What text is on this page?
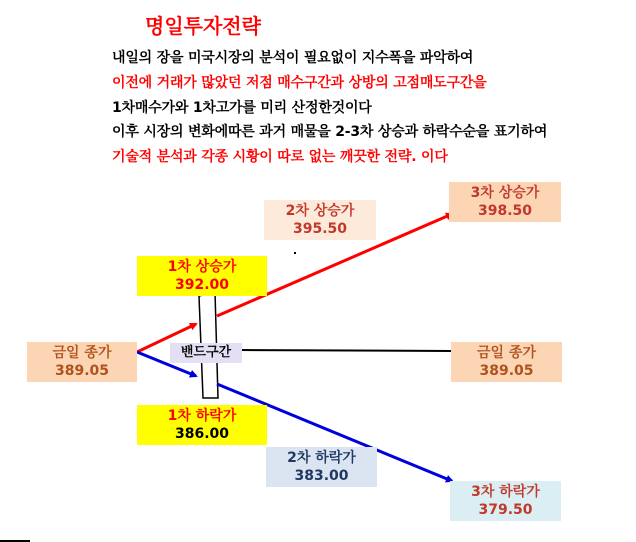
명일투자전략
내일의 장을 미국시장의 분석이 필요없이 지수폭을 파악하여
이전에 거래가 많았던 저점 매수구간과 상방의 고점매도구간을
1차매수가와 1차고가를 미리 산정한것이다
이후 시장의 변화에따른 과거 매물을 2-3차 상승과 하락수순을 표기하여
기술적 분석과 각종 시황이 따로 없는 깨끗한 전략. 이다
밴드구간
금일 종가
389.05
금일 종가
389.05
1차 상승가
392.00
2차 상승가
395.50
3차 상승가
398.50
1차 하락가
386.00
2차 하락가
383.00
3차 하락가
379.50
